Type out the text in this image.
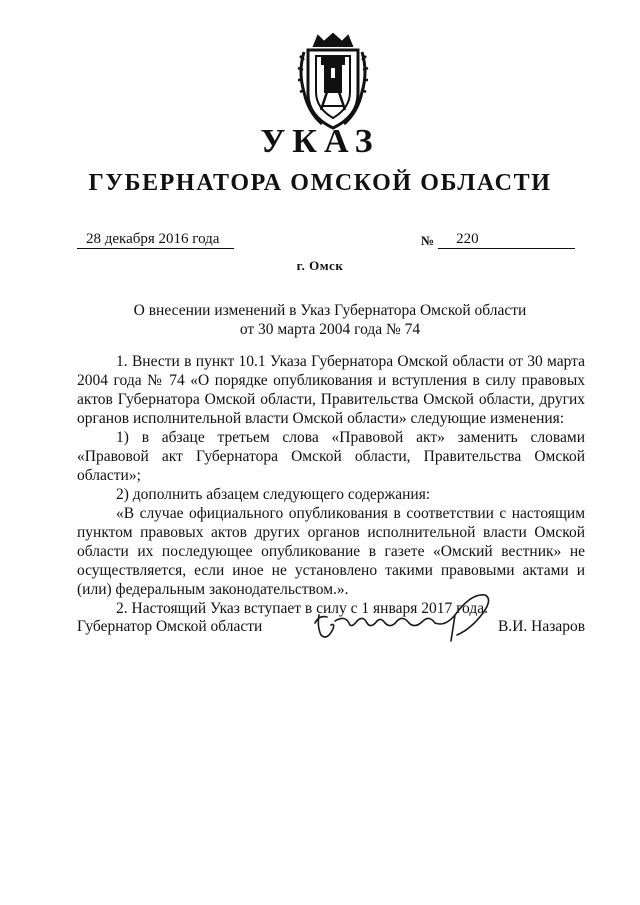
УКАЗ
ГУБЕРНАТОРА ОМСКОЙ ОБЛАСТИ
28 декабря 2016 года	№ 220
г. Омск
О внесении изменений в Указ Губернатора Омской области
от 30 марта 2004 года № 74

1. Внести в пункт 10.1 Указа Губернатора Омской области от 30 марта 2004 года № 74 «О порядке опубликования и вступления в силу правовых актов Губернатора Омской области, Правительства Омской области, других органов исполнительной власти Омской области» следующие изменения:

1) в абзаце третьем слова «Правовой акт» заменить словами «Правовой акт Губернатора Омской области, Правительства Омской области»;

2) дополнить абзацем следующего содержания:

«В случае официального опубликования в соответствии с настоящим пунктом правовых актов других органов исполнительной власти Омской области их последующее опубликование в газете «Омский вестник» не осуществляется, если иное не установлено такими правовыми актами и (или) федеральным законодательством.».

2. Настоящий Указ вступает в силу с 1 января 2017 года.

Губернатор Омской области	В.И. Назаров
